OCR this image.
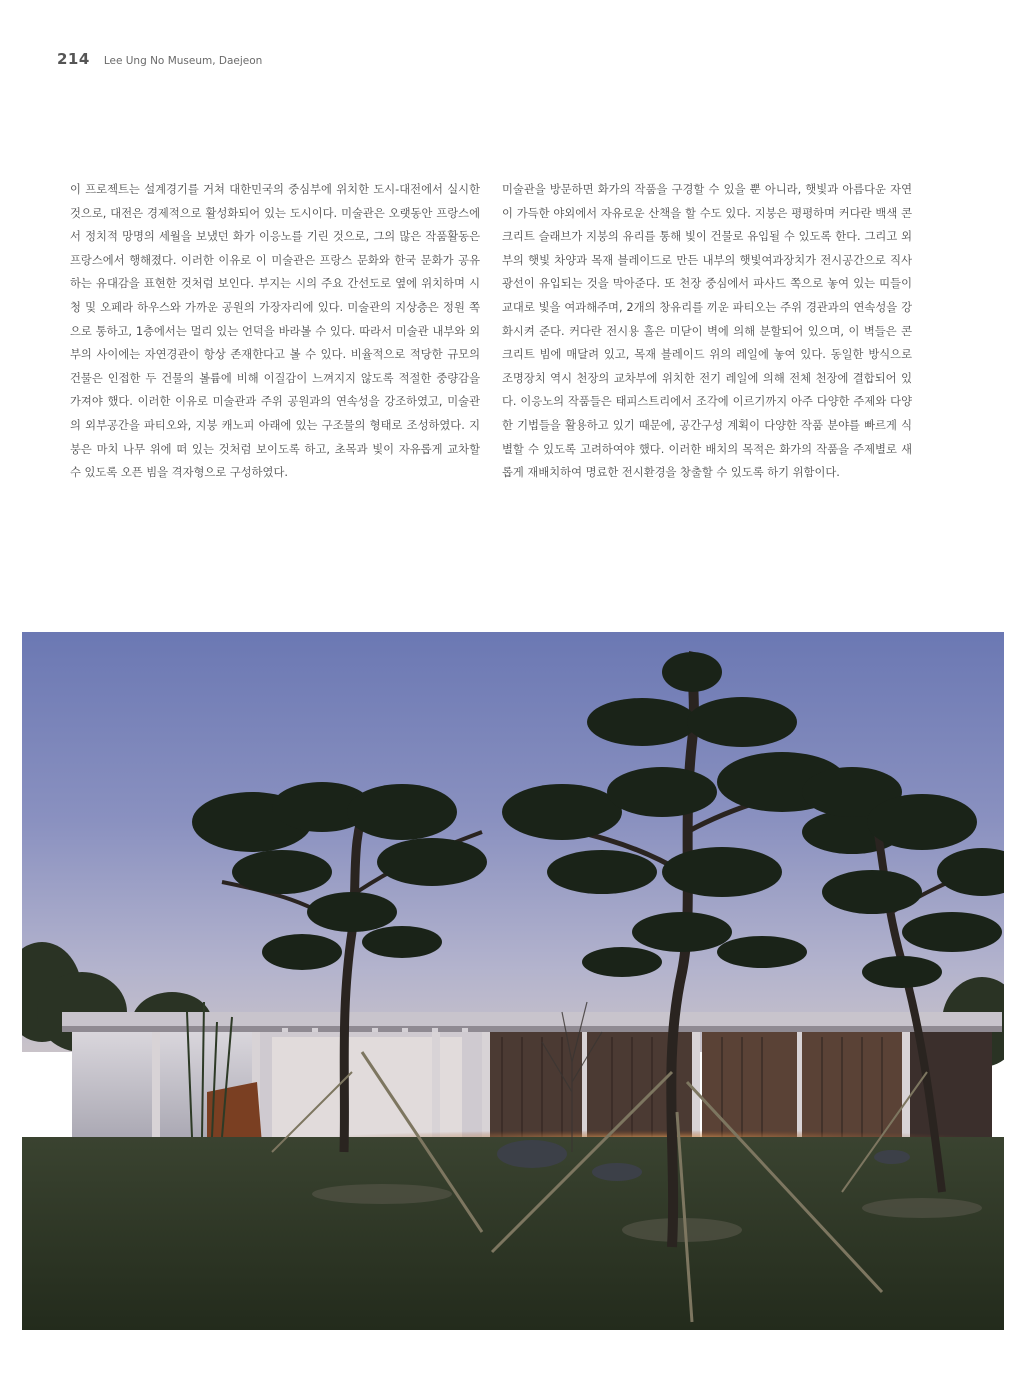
214 Lee Ung No Museum, Daejeon

이 프로젝트는 설계경기를 거쳐 대한민국의 중심부에 위치한 도시-대전에서 실시한 것으로, 대전은 경제적으로 활성화되어 있는 도시이다. 미술관은 오랫동안 프랑스에서 정치적 망명의 세월을 보냈던 화가 이응노를 기린 것으로, 그의 많은 작품활동은 프랑스에서 행해졌다. 이러한 이유로 이 미술관은 프랑스 문화와 한국 문화가 공유하는 유대감을 표현한 것처럼 보인다. 부지는 시의 주요 간선도로 옆에 위치하며 시청 및 오페라 하우스와 가까운 공원의 가장자리에 있다. 미술관의 지상층은 정원 쪽으로 통하고, 1층에서는 멀리 있는 언덕을 바라볼 수 있다. 따라서 미술관 내부와 외부의 사이에는 자연경관이 항상 존재한다고 볼 수 있다. 비율적으로 적당한 규모의 건물은 인접한 두 건물의 볼륨에 비해 이질감이 느껴지지 않도록 적절한 중량감을 가져야 했다. 이러한 이유로 미술관과 주위 공원과의 연속성을 강조하였고, 미술관의 외부공간을 파티오와, 지붕 캐노피 아래에 있는 구조물의 형태로 조성하였다. 지붕은 마치 나무 위에 떠 있는 것처럼 보이도록 하고, 초목과 빛이 자유롭게 교차할 수 있도록 오픈 빔을 격자형으로 구성하였다.

미술관을 방문하면 화가의 작품을 구경할 수 있을 뿐 아니라, 햇빛과 아름다운 자연이 가득한 야외에서 자유로운 산책을 할 수도 있다. 지붕은 평평하며 커다란 백색 콘크리트 슬래브가 지붕의 유리를 통해 빛이 건물로 유입될 수 있도록 한다. 그리고 외부의 햇빛 차양과 목재 블레이드로 만든 내부의 햇빛여과장치가 전시공간으로 직사광선이 유입되는 것을 막아준다. 또 천장 중심에서 파사드 쪽으로 놓여 있는 띠들이 교대로 빛을 여과해주며, 2개의 창유리를 끼운 파티오는 주위 경관과의 연속성을 강화시켜 준다. 커다란 전시용 홀은 미닫이 벽에 의해 분할되어 있으며, 이 벽들은 콘크리트 빔에 매달려 있고, 목재 블레이드 위의 레일에 놓여 있다. 동일한 방식으로 조명장치 역시 천장의 교차부에 위치한 전기 레일에 의해 전체 천장에 결합되어 있다. 이응노의 작품들은 태피스트리에서 조각에 이르기까지 아주 다양한 주제와 다양한 기법들을 활용하고 있기 때문에, 공간구성 계획이 다양한 작품 분야를 빠르게 식별할 수 있도록 고려하여야 했다. 이러한 배치의 목적은 화가의 작품을 주제별로 새롭게 재배치하여 명료한 전시환경을 창출할 수 있도록 하기 위함이다.
